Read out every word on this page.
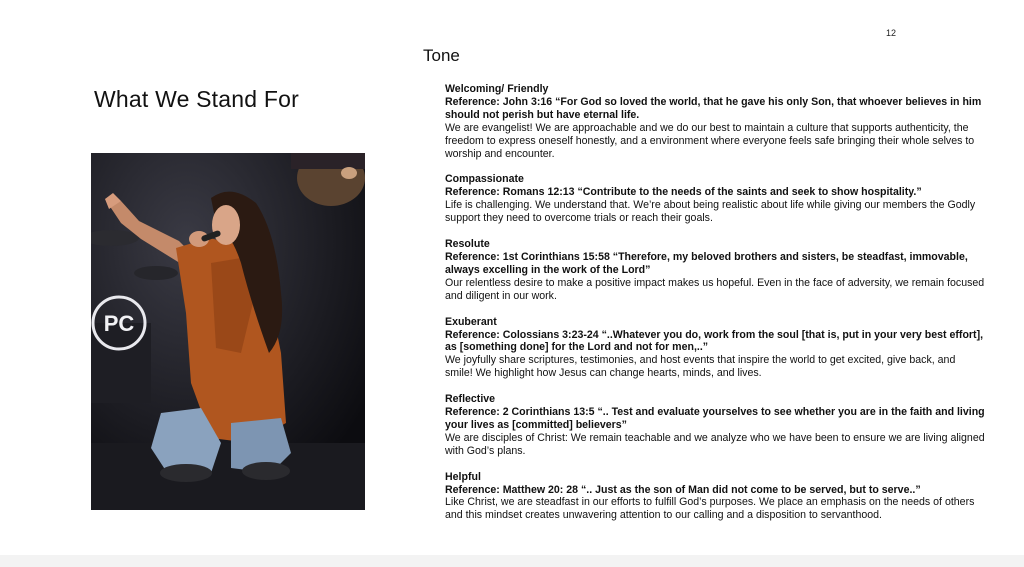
12
What We Stand For
PC
Tone
Welcoming/ Friendly
Reference: John 3:16 “For God so loved the world, that he gave his only Son, that whoever believes in him should not perish but have eternal life.
We are evangelist! We are approachable and we do our best to maintain a culture that supports authenticity, the freedom to express oneself honestly, and a environment where everyone feels safe bringing their whole selves to worship and encounter.
Compassionate
Reference: Romans 12:13 “Contribute to the needs of the saints and seek to show hospitality.”
Life is challenging. We understand that. We’re about being realistic about life while giving our members the Godly support they need to overcome trials or reach their goals.
Resolute
Reference: 1st Corinthians 15:58 “Therefore, my beloved brothers and sisters, be steadfast, immovable, always excelling in the work of the Lord”
Our relentless desire to make a positive impact makes us hopeful. Even in the face of adversity, we remain focused and diligent in our work.
Exuberant
Reference: Colossians 3:23-24 “..Whatever you do, work from the soul [that is, put in your very best effort], as [something done] for the Lord and not for men,..”
We joyfully share scriptures, testimonies, and host events that inspire the world to get excited, give back, and smile! We highlight how Jesus can change hearts, minds, and lives.
Reflective
Reference: 2 Corinthians 13:5 “.. Test and evaluate yourselves to see whether you are in the faith and living your lives as [committed] believers”
We are disciples of Christ: We remain teachable and we analyze who we have been to ensure we are living aligned with God’s plans.
Helpful
Reference: Matthew 20: 28 “.. Just as the son of Man did not come to be served, but to serve..”
Like Christ, we are steadfast in our efforts to fulfill God’s purposes. We place an emphasis on the needs of others and this mindset creates unwavering attention to our calling and a disposition to servanthood.
